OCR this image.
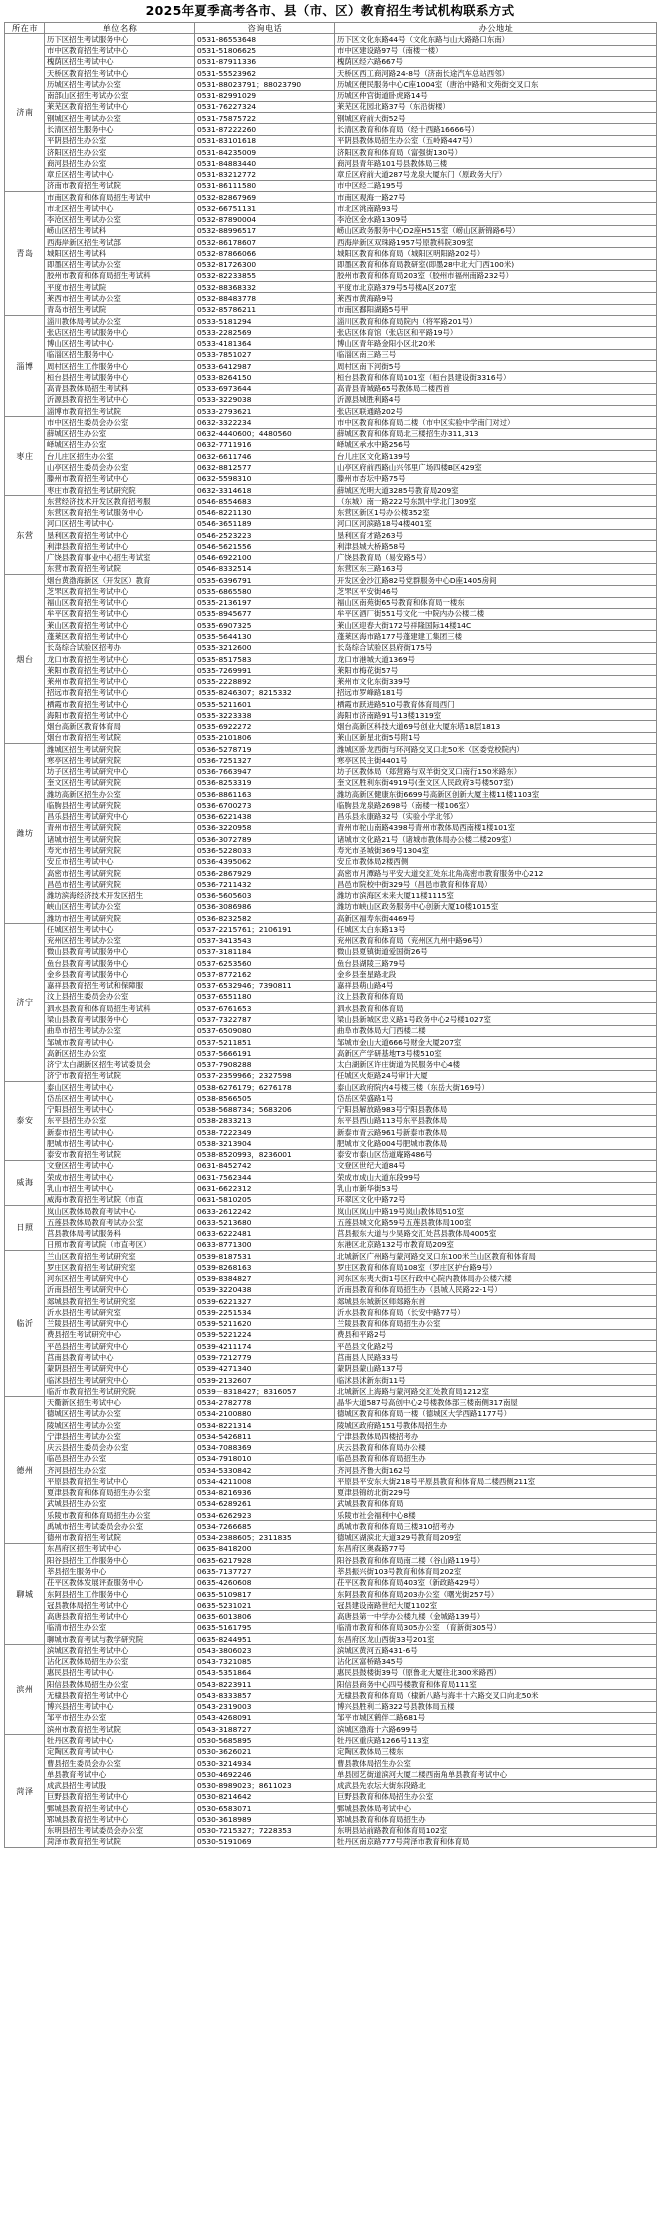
2025年夏季高考各市、县（市、区）教育招生考试机构联系方式
所在市	单位名称	咨询电话	办公地址
济南	历下区招生考试服务中心	0531-86553648	历下区文化东路44号（文化东路与山大路路口东南）
	市中区教育招生考试中心	0531-51806625	市中区建设路97号（南楼一楼）
	槐荫区招生考试中心	0531-87911336	槐荫区经六路667号
	天桥区教育招生考试中心	0531-55523962	天桥区西工商河路24-8号（济南长途汽车总站西邻）
	历城区招生考试办公室	0531-88023791；88023790	历城区便民服务中心C座1004室（唐治中路和文苑街交叉口东
	南部山区招生考试办公室	0531-82991029	历城区仲宫街道卧虎路14号
	莱芜区教育招生考试中心	0531-76227324	莱芜区花园北路37号（东沿街楼）
	钢城区招生考试办公室	0531-75875722	钢城区府前大街52号
	长清区招生服务中心	0531-87222260	长清区教育和体育局（经十西路16666号）
	平阴县招生办公室	0531-83101618	平阴县教体局招生办公室（五岭路447号）
	济阳区招生办公室	0531-84235009	济阳区教育和体育局（富强街130号）
	商河县招生办公室	0531-84883440	商河县青年路101号县教体局三楼
	章丘区招生考试中心	0531-83212772	章丘区府前大道287号龙泉大厦东门（原政务大厅）
	济南市教育招生考试院	0531-86111580	市中区经二路195号
青岛	市南区教育和体育局招生考试中	0532-82867969	市南区观海一路27号
	市北区招生考试中心	0532-66751131	市北区洮南路93号
	李沧区招生考试办公室	0532-87890004	李沧区金水路1309号
	崂山区招生考试科	0532-88996517	崂山区政务服务中心D2座H515室（崂山区新锦路6号）
	西海岸新区招生考试部	0532-86178607	西海岸新区双珠路1957号原教科院309室
	城阳区招生考试科	0532-87866066	城阳区教育和体育局（城阳区明阳路202号）
	即墨区招生考试办公室	0532-81726300	即墨区教育和体育局教研室(即墨28中北大门西100米)
	胶州市教育和体育局招生考试科	0532-82233855	胶州市教育和体育局203室（胶州市福州南路232号）
	平度市招生考试院	0532-88368332	平度市北京路379号5号楼A区207室
	莱西市招生考试办公室	0532-88483778	莱西市黄海路9号
	青岛市招生考试院	0532-85786211	市南区鄱阳湖路5号甲
淄博	淄川教体局考试办公室	0533-5181294	淄川区教育和体育局院内（将军路201号）
	张店区招生考试服务中心	0533-2282569	张店区体育馆（张店区和平路19号）
	博山区招生考试中心	0533-4181364	博山区青年路金阳小区北20米
	临淄区招生服务中心	0533-7851027	临淄区南三路三号
	周村区招生工作服务中心	0533-6412987	周村区南下河街5号
	桓台县招生考试服务中心	0533-8264150	桓台县教育和体育局101室（桓台县建设街3316号）
	高青县教体局招生考试科	0533-6973644	高青县青城路65号教体局二楼西首
	沂源县教育招生考试中心	0533-3229038	沂源县城胜利路4号
	淄博市教育招生考试院	0533-2793621	张店区联通路202号
枣庄	市中区招生委员会办公室	0632-3322234	市中区教育和体育局二楼（市中区实验中学南门对过）
	薛城区招生办公室	0632-4440600；4480560	薛城区教育和体育局北三楼招生办311,313
	峄城区招生办公室	0632-7711916	峄城区承水中路256号
	台儿庄区招生办公室	0632-6611746	台儿庄区文化路139号
	山亭区招生委员会办公室	0632-8812577	山亭区府前西路山兴邻里广场四楼B区429室
	滕州市教育招生考试中心	0632-5598310	滕州市杏坛中路75号
	枣庄市教育招生考试研究院	0632-3314618	薛城区光明大道3285号教育局209室
东营	东营经济技术开发区教育招考服	0546-8554683	（东城）南一路222号东凯中学北门309室
	东营区教育招生考试服务中心	0546-8221130	东营区新区1号办公楼352室
	河口区招生考试中心	0546-3651189	河口区河滨路18号4楼401室
	垦利区教育招生考试中心	0546-2523223	垦利区育才路263号
	利津县教育招生考试中心	0546-5621556	利津县城大桥路58号
	广饶县教育事业中心招生考试室	0546-6922100	广饶县教育局（易安路5号）
	东营市教育招生考试院	0546-8332514	东营区东三路163号
烟台	烟台黄渤海新区（开发区）教育	0535-6396791	开发区金沙江路82号党群服务中心D座1405房间
	芝罘区教育招生考试中心	0535-6865580	芝罘区平安街46号
	福山区教育招生考试中心	0535-2136197	福山区南苑街65号教育和体育局一楼东
	牟平区教育招生考试中心	0535-8945677	牟平区酒厂街551号文化一中院内办公楼二楼
	莱山区教育招生考试中心	0535-6907325	莱山区迎春大街172号祥隆国际14楼14C
	蓬莱区教育招生考试中心	0535-5644130	蓬莱区海市路177号蓬建建工集团三楼
	长岛综合试验区招考办	0535-3212600	长岛综合试验区县府街175号
	龙口市教育招生考试中心	0535-8517583	龙口市港城大道1369号
	莱阳市教育招生考试中心	0535-7269991	莱阳市梅花街57号
	莱州市教育招生考试中心	0535-2228892	莱州市文化东街339号
	招远市教育招生考试中心	0535-8246307；8215332	招远市罗峰路181号
	栖霞市教育招生考试中心	0535-5211601	栖霞市跃进路510号教育体育局西门
	海阳市教育招生考试中心	0535-3223338	海阳市济南路91号13楼1319室
	烟台高新区教育体育局	0535-6922272	烟台高新区科技大道69号创业大厦东塔18层1813
	烟台市教育招生考试院	0535-2101806	莱山区新星北街5号附1号
潍坊	潍城区招生考试研究院	0536-5278719	潍城区卧龙西街与环河路交叉口北50米（区委党校院内）
	寒亭区招生考试研究院	0536-7251327	寒亭区民主街4401号
	坊子区招生考试研究中心	0536-7663947	坊子区教体局（郑营路与双羊街交叉口南行150米路东）
	奎文区招生考试研究院	0536-8253319	奎文区胜利东街4919号(奎文区人民政府3号楼507室)
	潍坊高新区招生办公室	0536-8861163	潍坊高新区健康东街6699号高新区创新大厦主楼11楼1103室
	临朐县招生考试研究院	0536-6700273	临朐县龙泉路2698号（南楼一楼106室）
	昌乐县招生考试研究中心	0536-6221438	昌乐县永康路32号（实验小学北邻）
	青州市招生考试研究院	0536-3220958	青州市驼山南路4398号青州市教体局西南楼1楼101室
	诸城市招生考试研究院	0536-3072789	诸城市文化路21号（诸城市教体局办公楼二楼209室）
	寿光市招生考试研究院	0536-5228033	寿光市圣城街369号1304室
	安丘市招生考试中心	0536-4395062	安丘市教体局2楼西侧
	高密市招生考试研究院	0536-2867929	高密市月潭路与平安大道交汇处东北角高密市教育服务中心212
	昌邑市招生考试研究院	0536-7211432	昌邑市院校中街329号（昌邑市教育和体育局）
	潍坊滨海经济技术开发区招生	0536-5605603	潍坊市滨海区未来大厦11楼1115室
	峡山区招生考试办公室	0536-3086986	潍坊市峡山区政务服务中心创新大厦10楼1015室
	潍坊市招生考试研究院	0536-8232582	高新区福寿东街4469号
济宁	任城区招生考试中心	0537-2215761；2106191	任城区太白东路13号
	兖州区招生考试办公室	0537-3413543	兖州区教育和体育局（兖州区九州中路96号）
	微山县教育考试服务中心	0537-3181184	微山县夏镇街道爱国街26号
	鱼台县教育考试服务中心	0537-6253560	鱼台县湖陵三路79号
	金乡县教育考试服务中心	0537-8772162	金乡县奎星路北段
	嘉祥县教育招生考试和保障服	0537-6532946；7390811	嘉祥县萌山路4号
	汶上县招生委员会办公室	0537-6551180	汶上县教育和体育局
	泗水县教育和体育局招生考试科	0537-6761653	泗水县教育和体育局
	梁山县教育考试服务中心	0537-7322787	梁山县新城区忠义路1号政务中心2号楼1027室
	曲阜市招生考试办公室	0537-6509080	曲阜市教体局大门西楼二楼
	邹城市教育考试中心	0537-5211851	邹城市金山大道666号财金大厦207室
	高新区招生办公室	0537-5666191	高新区产学研基地T3号楼510室
	济宁太白湖新区招生考试委员会	0537-7908288	太白湖新区许庄街道为民服务中心4楼
	济宁市教育招生考试院	0537-2359966；2327598	任城区火炬路24号审计大厦
泰安	泰山区招生考试中心	0538-6276179；6276178	泰山区政府院内4号楼三楼（东岳大街169号）
	岱岳区招生考试中心	0538-8566505	岱岳区荣盛路1号
	宁阳县招生考试中心	0538-5688734；5683206	宁阳县解放路983号宁阳县教体局
	东平县招生办公室	0538-2833213	东平县西山路113号东平县教体局
	新泰市招生考试中心	0538-7222349	新泰市青云路961号新泰市教体局
	肥城市招生考试中心	0538-3213904	肥城市文化路004号肥城市教体局
	泰安市教育招生考试院	0538-8520993，8236001	泰安市泰山区岱道庵路486号
威海	文登区招生考试中心	0631-8452742	文登区世纪大道84号
	荣成市招生考试中心	0631-7562344	荣成市成山大道东段99号
	乳山市招生考试中心	0631-6622312	乳山市新华街53号
	威海市教育招生考试院（市直	0631-5810205	环翠区文化中路72号
日照	岚山区教体局教育考试中心	0633-2612242	岚山区岚山中路19号岚山教体局510室
	五莲县教体局教育考试办公室	0633-5213680	五莲县城文化路59号五莲县教体局100室
	莒县教体局考试服务科	0633-6222481	莒县振东大道与少昊路交汇处莒县教体局4005室
	日照市教育考试院（市直考区）	0633-8771300	东港区北京路132号市教育局209室
临沂	兰山区教育招生考试研究室	0539-8187531	北城新区广州路与蒙河路交叉口东100米兰山区教育和体育局
	罗庄区教育招生考试研究室	0539-8268163	罗庄区教育和体育局108室（罗庄区护台路9号）
	河东区招生考试研究中心	0539-8384827	河东区东夷大街1号区行政中心院内教体局办公楼六楼
	沂南县招生考试研究中心	0539-3220438	沂南县教育和体育局招生办（县城人民路22-1号）
	郯城县教育招生考试研究室	0539-6221327	郯城县东城新区师郯路东首
	沂水县招生考试研究室	0539-2251534	沂水县教育和体育局（长安中路77号）
	兰陵县招生考试研究中心	0539-5211620	兰陵县教育和体育局招生办公室
	费县招生考试研究中心	0539-5221224	费县和平路2号
	平邑县招生考试研究中心	0539-4211174	平邑县文化路2号
	莒南县教育考试中心	0539-7212779	莒南县人民路33号
	蒙阴县招生考试研究中心	0539-4271340	蒙阴县蒙山路137号
	临沭县招生考试研究中心	0539-2132607	临沭县沭新东街11号
	临沂市教育招生考试研究院	0539－8318427；8316057	北城新区上海路与蒙河路交汇处教育局1212室
德州	天衢新区招生考试中心	0534-2782778	晶华大道587号高创中心2号楼教体部三楼南侧317南屋
	德城区招生考试办公室	0534-2100880	德城区教育和体育局一楼（德城区大学西路1177号）
	陵城区招生考试办公室	0534-8221314	陵城区政府路151号教体局招生办
	宁津县招生考试办公室	0534-5426811	宁津县教体局四楼招考办
	庆云县招生委员会办公室	0534-7088369	庆云县教育和体育局办公楼
	临邑县招生办公室	0534-7918010	临邑县教育和体育局招生办
	齐河县招生办公室	0534-5330842	齐河县齐鲁大街162号
	平原县教育招生考试中心	0534-4211008	平原县平安东大街218号平原县教育和体育局二楼西侧211室
	夏津县教育和体育局招生办公室	0534-8216936	夏津县锦纺北街229号
	武城县招生办公室	0534-6289261	武城县教育和体育局
	乐陵市教育和体育局招生办公室	0534-6262923	乐陵市社会福利中心8楼
	禹城市招生考试委员会办公室	0534-7266685	禹城市教育和体育局三楼310招考办
	德州市教育招生考试院	0534-2388605；2311835	德城区湖滨北大道329号教育局209室
聊城	东昌府区招生考试中心	0635-8418200	东昌府区奥森路77号
	阳谷县招生工作服务中心	0635-6217928	阳谷县教育和体育局南二楼（谷山路119号）
	莘县招生服务中心	0635-7137727	莘县振兴街103号教育和体育局202室
	茌平区教体发展评查服务中心	0635-4260608	茌平区教育和体育局403室（新政路429号）
	东阿县招生工作服务中心	0635-5109817	东阿县教育和体育局203办公室（曙光街257号）
	冠县教体局招生考试中心	0635-5231021	冠县建设南路世纪大厦1102室
	高唐县教育招生考试中心	0635-6013806	高唐县第一中学办公楼九楼（金城路139号）
	临清市招生办公室	0635-5161795	临清市教育和体育局305办公室 （育新街305号）
	聊城市教育考试与教学研究院	0635-8244951	东昌府区龙山西街33号201室
滨州	滨城区教育招生考试中心	0543-3806023	滨城区黄河五路431-6号
	沾化区教体局招生办公室	0543-7321085	沾化区富桥路345号
	惠民县招生考试中心	0543-5351864	惠民县鼓楼街39号（原鲁北大厦往北300米路西）
	阳信县教体局招生办公室	0543-8223911	阳信县商务中心四号楼教育和体育局111室
	无棣县教育招生考试中心	0543-8333857	无棣县教育和体育局（棣新八路与海丰十六路交叉口向北50米
	博兴县招生考试中心	0543-2319003	博兴县胜利二路322号县教体局五楼
	邹平市招生办公室	0543-4268091	邹平市城区鹤伴二路681号
	滨州市教育招生考试院	0543-3188727	滨城区渤海十六路699号
菏泽	牡丹区教育考试中心	0530-5685895	牡丹区重庆路1266号113室
	定陶区教育考试中心	0530-3626021	定陶区教体局三楼东
	曹县招生委员会办公室	0530-3214934	曹县教体局招生办公室
	单县教育考试中心	0530-4692246	单县园艺街道滨河大厦二楼西南角单县教育考试中心
	成武县招生考试股	0530-8989023；8611023	成武县先农坛大街东段路北
	巨野县教育招生考试中心	0530-8214642	巨野县教育和体局招生办公室
	鄄城县教育招生考试中心	0530-6583071	鄄城县教体局考试中心
	郓城县教育招生考试中心	0530-3618989	郓城县教育和体育局招生办
	东明县招生考试委员会办公室	0530-7215327；7228353	东明县站前路教育和体育局102室
	菏泽市教育招生考试院	0530-5191069	牡丹区南京路777号菏泽市教育和体育局
